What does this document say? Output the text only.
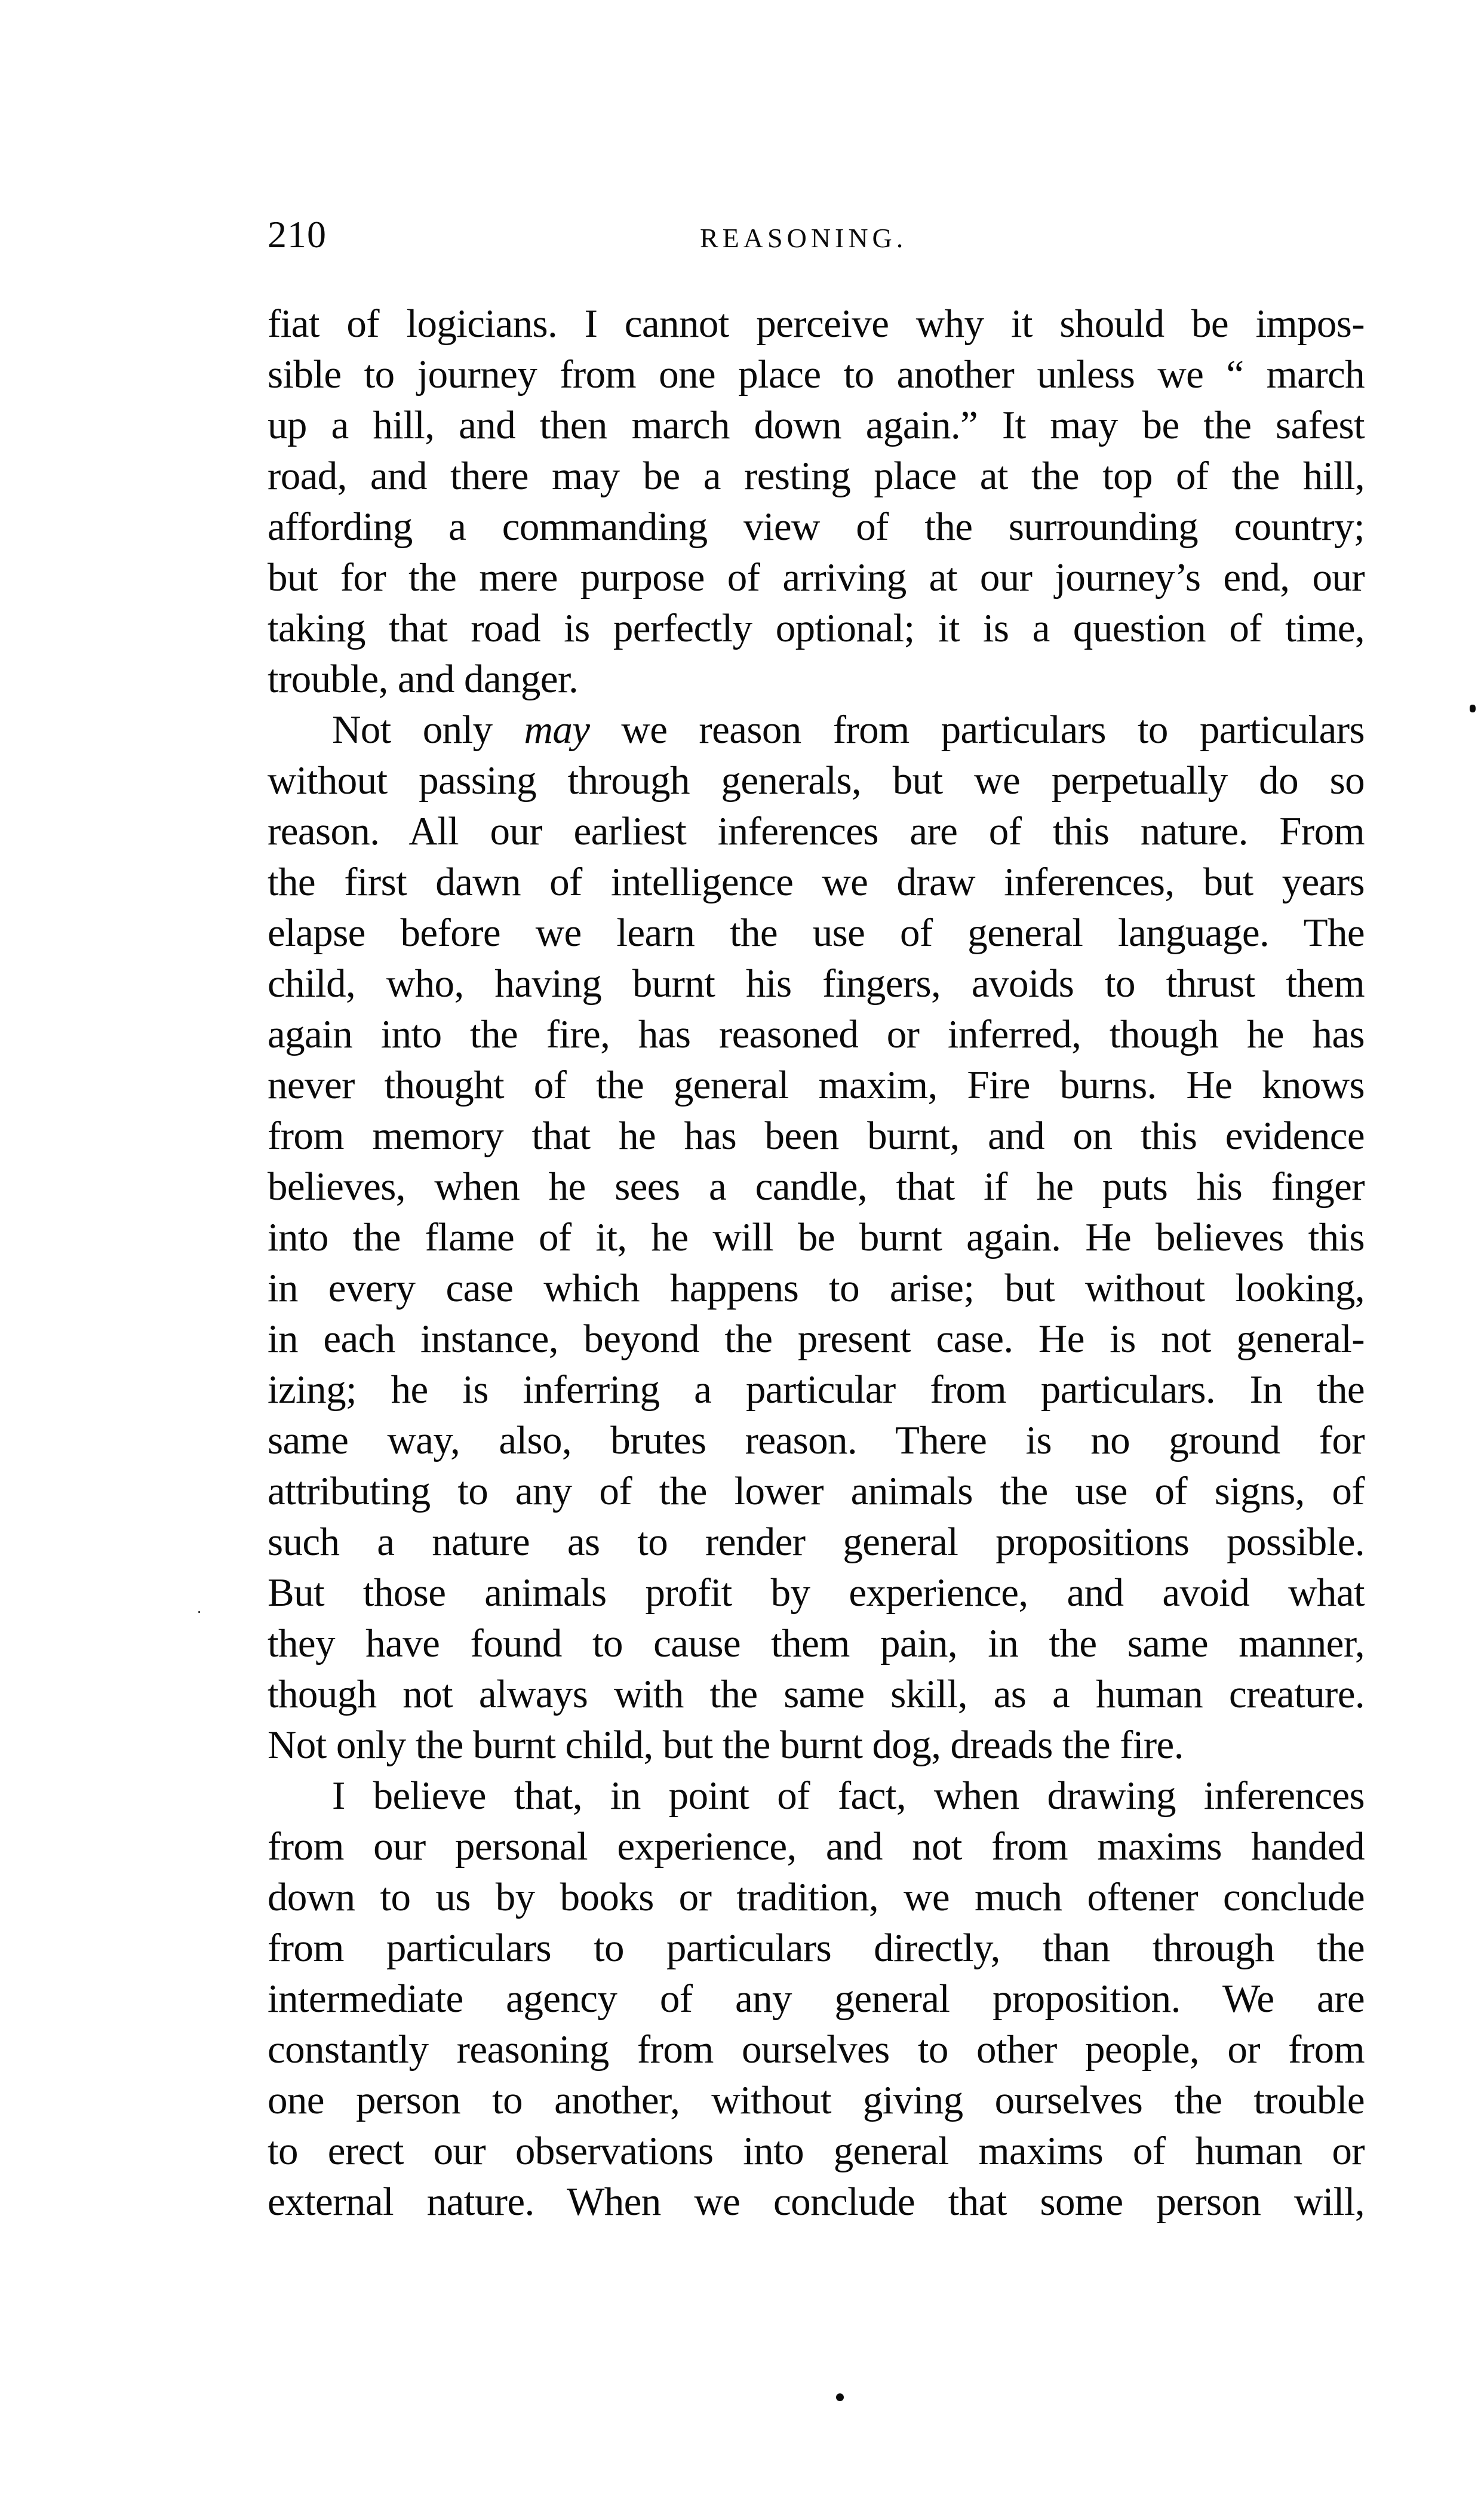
210	REASONING.
fiat of logicians. I cannot perceive why it should be impos-
sible to journey from one place to another unless we “ march
up a hill, and then march down again.” It may be the safest
road, and there may be a resting place at the top of the hill,
affording a commanding view of the surrounding country;
but for the mere purpose of arriving at our journey’s end, our
taking that road is perfectly optional; it is a question of time,
trouble, and danger.
Not only may we reason from particulars to particulars
without passing through generals, but we perpetually do so
reason. All our earliest inferences are of this nature. From
the first dawn of intelligence we draw inferences, but years
elapse before we learn the use of general language. The
child, who, having burnt his fingers, avoids to thrust them
again into the fire, has reasoned or inferred, though he has
never thought of the general maxim, Fire burns. He knows
from memory that he has been burnt, and on this evidence
believes, when he sees a candle, that if he puts his finger
into the flame of it, he will be burnt again. He believes this
in every case which happens to arise; but without looking,
in each instance, beyond the present case. He is not general-
izing; he is inferring a particular from particulars. In the
same way, also, brutes reason. There is no ground for
attributing to any of the lower animals the use of signs, of
such a nature as to render general propositions possible.
But those animals profit by experience, and avoid what
they have found to cause them pain, in the same manner,
though not always with the same skill, as a human creature.
Not only the burnt child, but the burnt dog, dreads the fire.
I believe that, in point of fact, when drawing inferences
from our personal experience, and not from maxims handed
down to us by books or tradition, we much oftener conclude
from particulars to particulars directly, than through the
intermediate agency of any general proposition. We are
constantly reasoning from ourselves to other people, or from
one person to another, without giving ourselves the trouble
to erect our observations into general maxims of human or
external nature. When we conclude that some person will,
